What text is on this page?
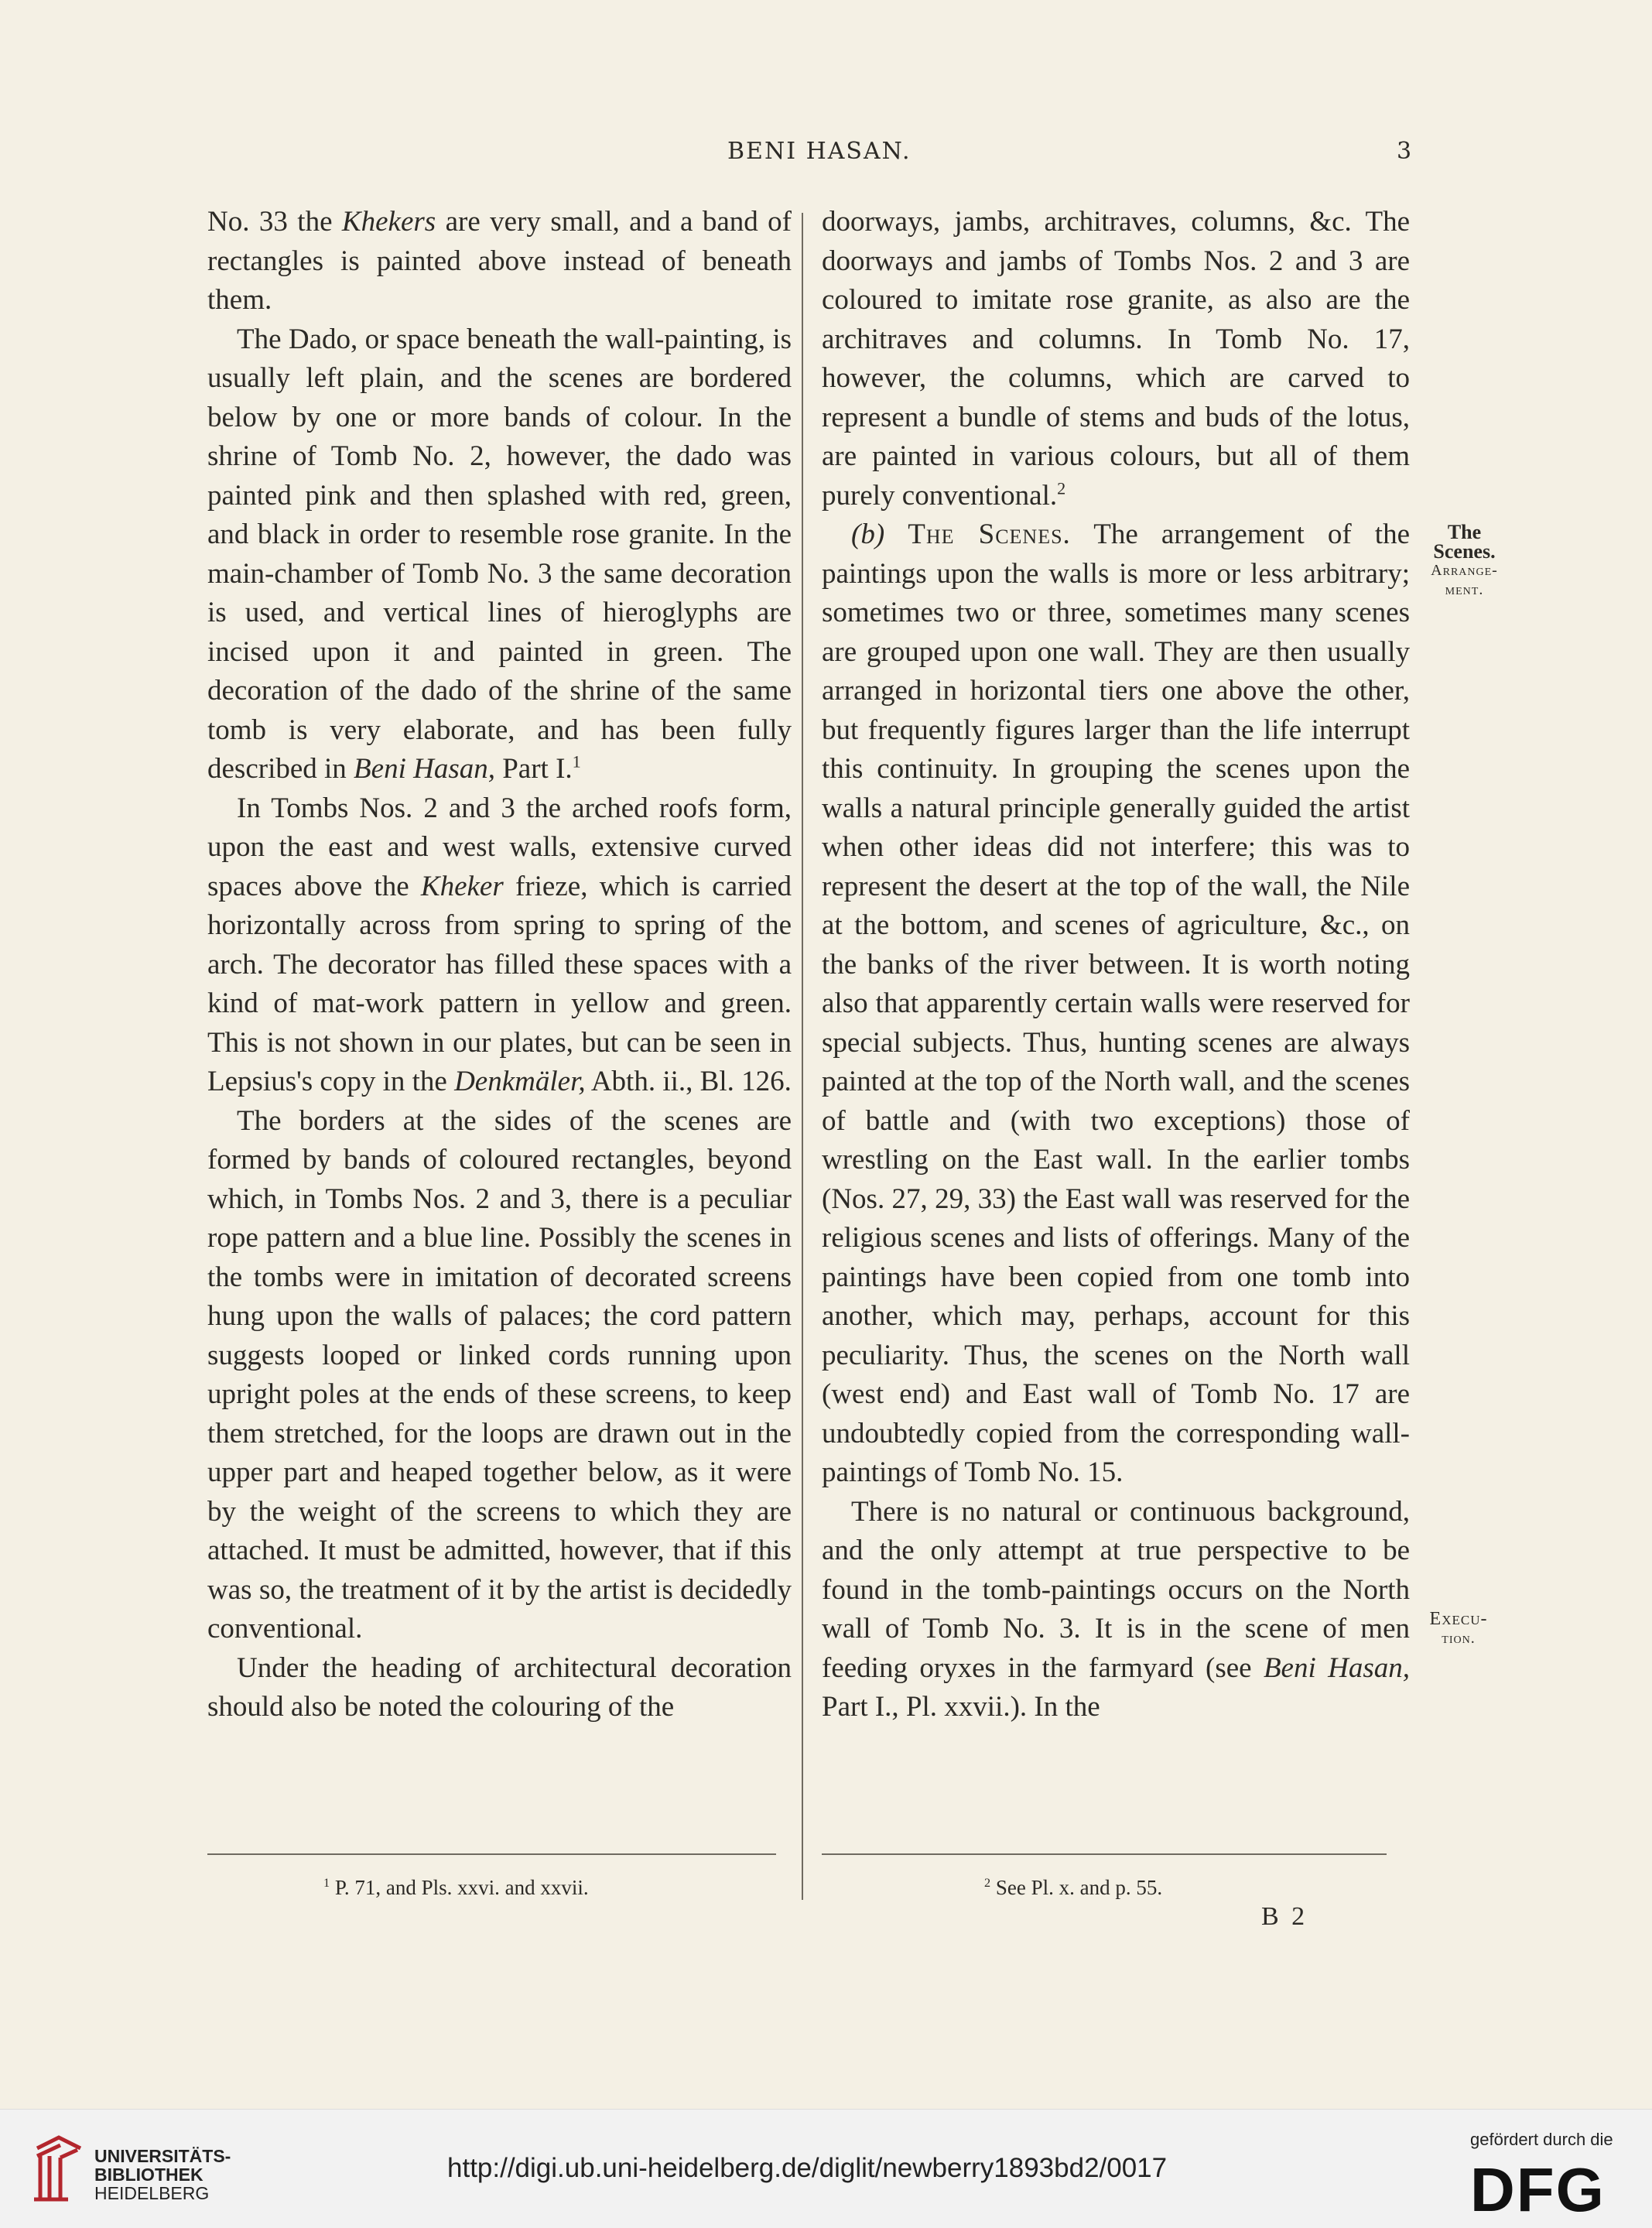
BENI HASAN.	3

No. 33 the Khekers are very small, and a band of rectangles is painted above instead of beneath them.

The Dado, or space beneath the wall-painting, is usually left plain, and the scenes are bordered below by one or more bands of colour. In the shrine of Tomb No. 2, however, the dado was painted pink and then splashed with red, green, and black in order to resemble rose granite. In the main-chamber of Tomb No. 3 the same decoration is used, and vertical lines of hieroglyphs are incised upon it and painted in green. The decoration of the dado of the shrine of the same tomb is very elaborate, and has been fully described in Beni Hasan, Part I.$^1$

In Tombs Nos. 2 and 3 the arched roofs form, upon the east and west walls, extensive curved spaces above the Kheker frieze, which is carried horizontally across from spring to spring of the arch. The decorator has filled these spaces with a kind of mat-work pattern in yellow and green. This is not shown in our plates, but can be seen in Lepsius's copy in the Denkmäler, Abth. ii., Bl. 126.

The borders at the sides of the scenes are formed by bands of coloured rectangles, beyond which, in Tombs Nos. 2 and 3, there is a peculiar rope pattern and a blue line. Possibly the scenes in the tombs were in imitation of decorated screens hung upon the walls of palaces; the cord pattern suggests looped or linked cords running upon upright poles at the ends of these screens, to keep them stretched, for the loops are drawn out in the upper part and heaped together below, as it were by the weight of the screens to which they are attached. It must be admitted, however, that if this was so, the treatment of it by the artist is decidedly conventional.

Under the heading of architectural decoration should also be noted the colouring of the

doorways, jambs, architraves, columns, &c. The doorways and jambs of Tombs Nos. 2 and 3 are coloured to imitate rose granite, as also are the architraves and columns. In Tomb No. 17, however, the columns, which are carved to represent a bundle of stems and buds of the lotus, are painted in various colours, but all of them purely conventional.$^2$

(b) The Scenes. The arrangement of the paintings upon the walls is more or less arbitrary; sometimes two or three, sometimes many scenes are grouped upon one wall. They are then usually arranged in horizontal tiers one above the other, but frequently figures larger than the life interrupt this continuity. In grouping the scenes upon the walls a natural principle generally guided the artist when other ideas did not interfere; this was to represent the desert at the top of the wall, the Nile at the bottom, and scenes of agriculture, &c., on the banks of the river between. It is worth noting also that apparently certain walls were reserved for special subjects. Thus, hunting scenes are always painted at the top of the North wall, and the scenes of battle and (with two exceptions) those of wrestling on the East wall. In the earlier tombs (Nos. 27, 29, 33) the East wall was reserved for the religious scenes and lists of offerings. Many of the paintings have been copied from one tomb into another, which may, perhaps, account for this peculiarity. Thus, the scenes on the North wall (west end) and East wall of Tomb No. 17 are undoubtedly copied from the corresponding wall-paintings of Tomb No. 15.

There is no natural or continuous background, and the only attempt at true perspective to be found in the tomb-paintings occurs on the North wall of Tomb No. 3. It is in the scene of men feeding oryxes in the farmyard (see Beni Hasan, Part I., Pl. xxvii.). In the

The
Scenes.
Arrange-
ment.
Execu-
tion.
$^1$ P. 71, and Pls. xxvi. and xxvii.	$^2$ See Pl. x. and p. 55.
B 2
UNIVERSITÄTS-
BIBLIOTHEK
HEIDELBERG
http://digi.ub.uni-heidelberg.de/diglit/newberry1893bd2/0017
gefördert durch die
DFG
